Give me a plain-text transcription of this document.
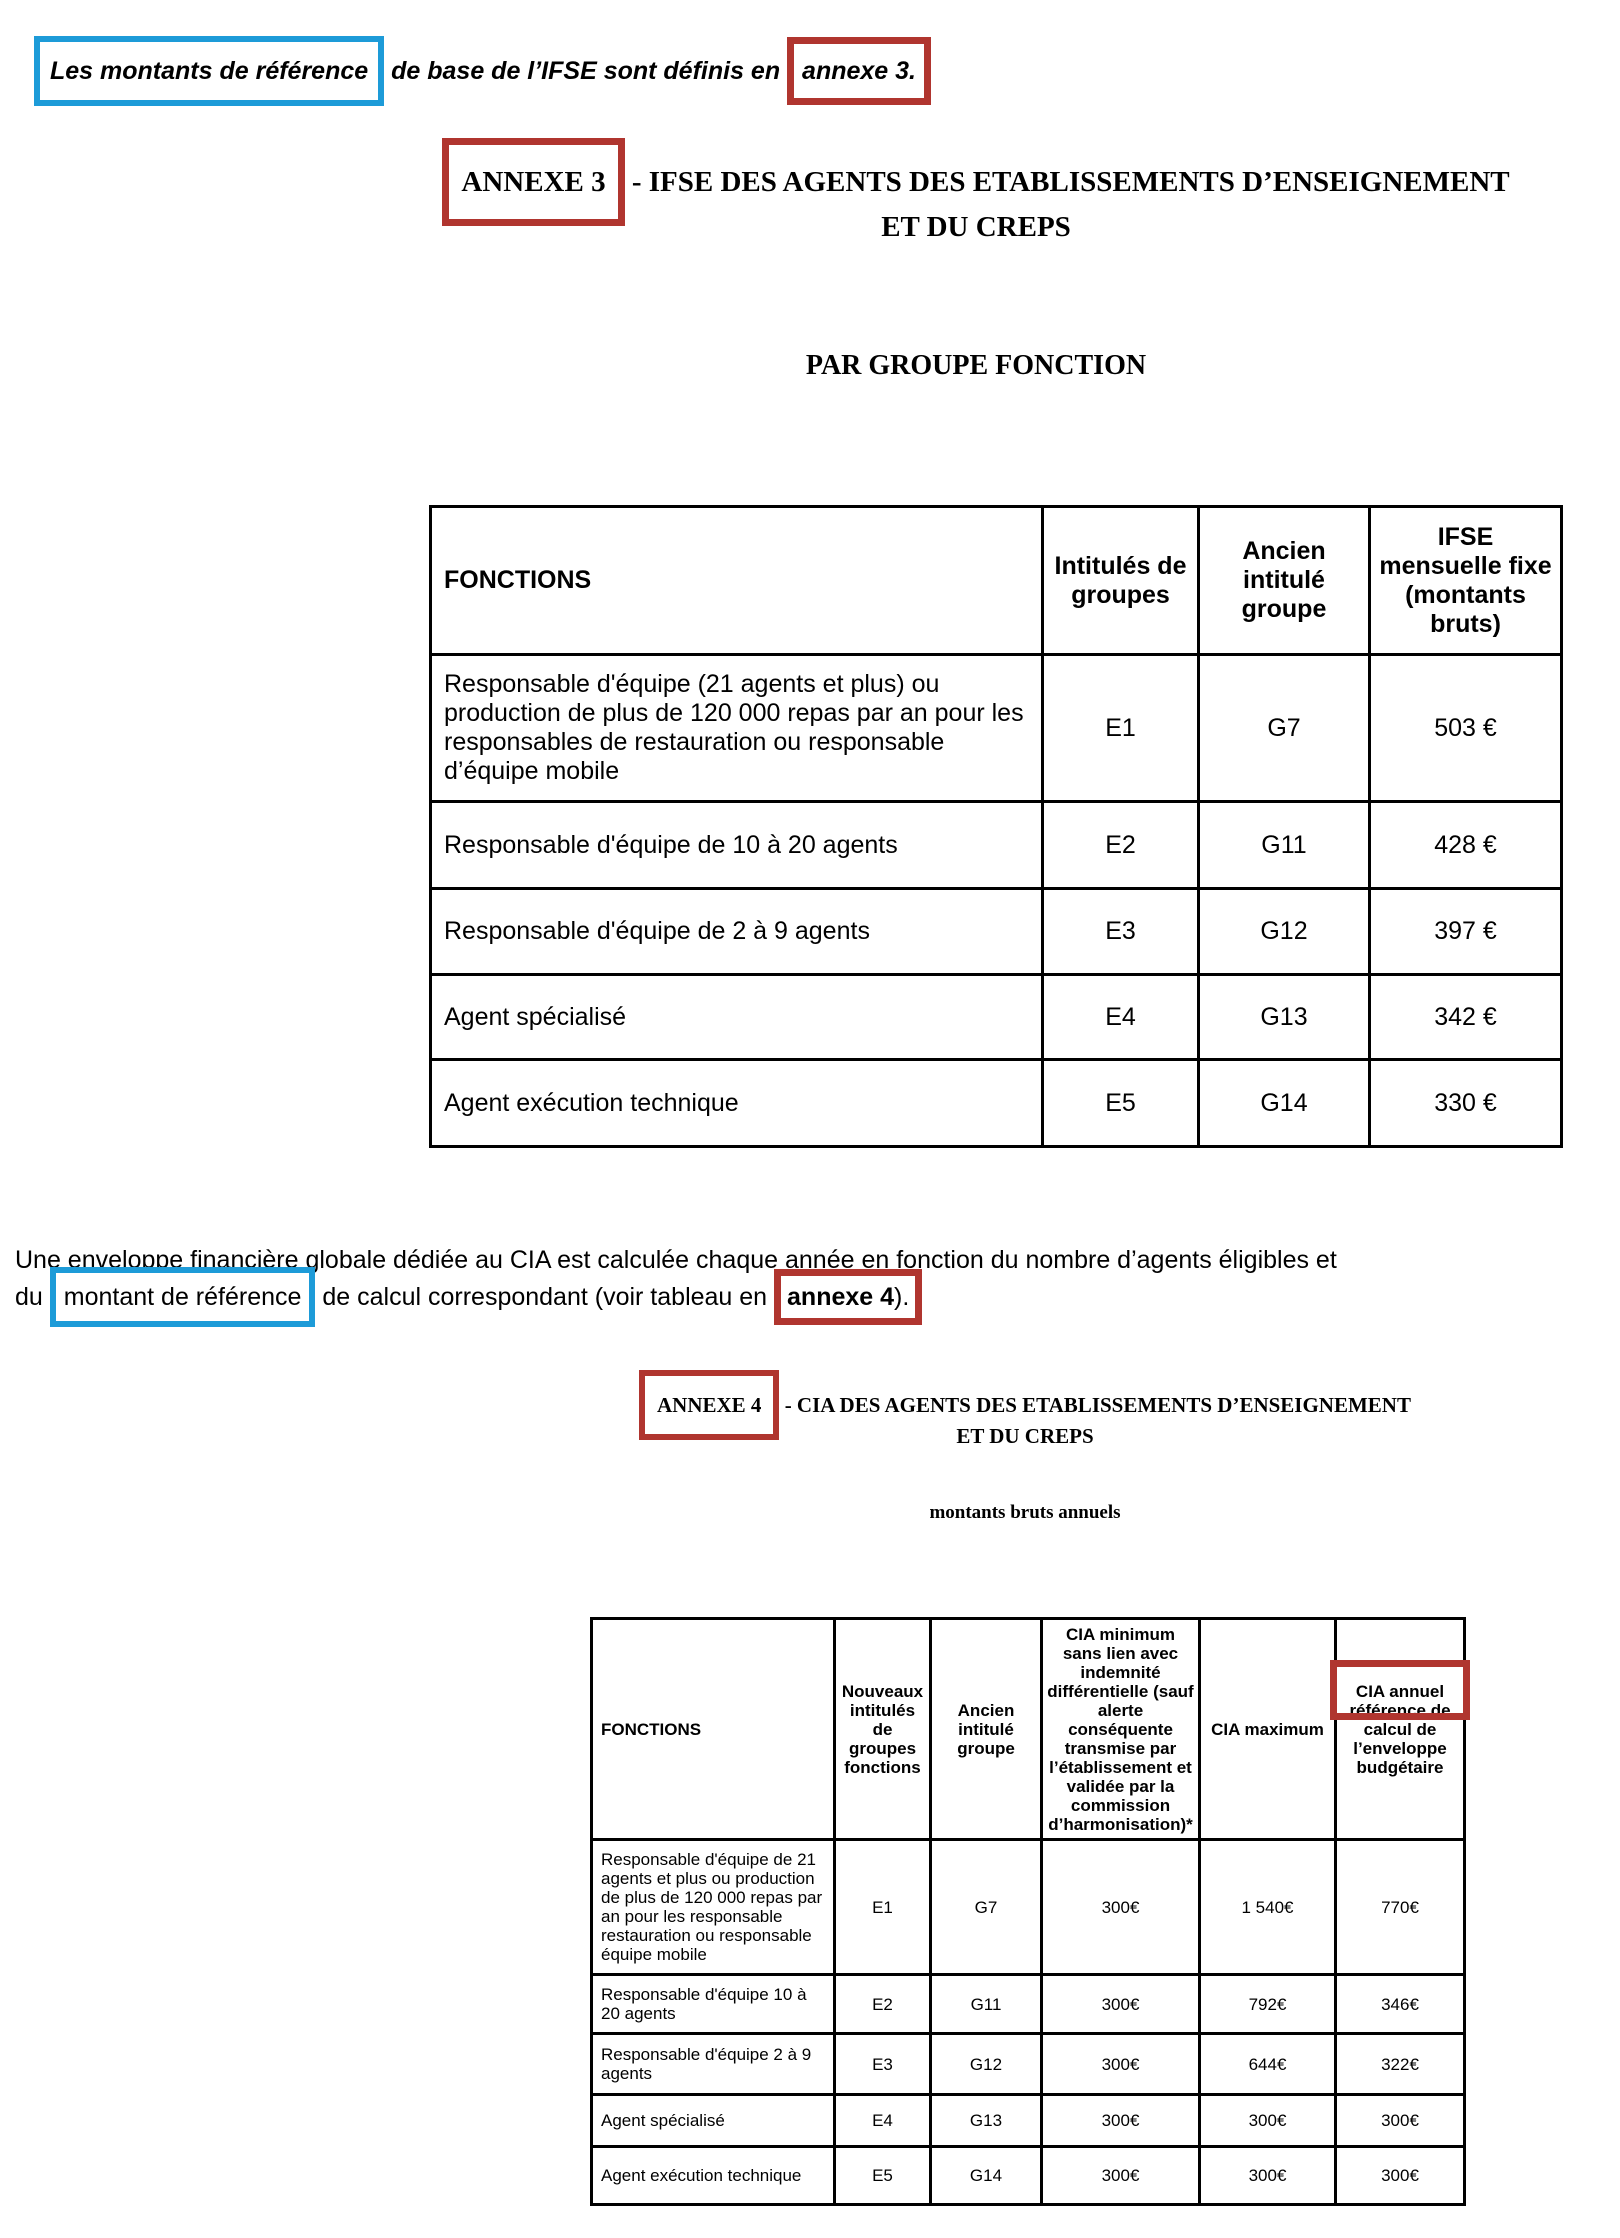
Les montants de référence de base de l’IFSE sont définis en annexe 3.
ANNEXE 3 - IFSE DES AGENTS DES ETABLISSEMENTS D’ENSEIGNEMENT
ET DU CREPS
PAR GROUPE FONCTION
FONCTIONS	Intitulés de groupes	Ancien intitulé groupe	IFSE mensuelle fixe (montants bruts)
Responsable d'équipe (21 agents et plus) ou production de plus de 120 000 repas par an pour les responsables de restauration ou responsable d’équipe mobile	E1	G7	503 €
Responsable d'équipe de 10 à 20 agents	E2	G11	428 €
Responsable d'équipe de 2 à 9 agents	E3	G12	397 €
Agent spécialisé	E4	G13	342 €
Agent exécution technique	E5	G14	330 €
Une enveloppe financière globale dédiée au CIA est calculée chaque année en fonction du nombre d’agents éligibles et
du montant de référence de calcul correspondant (voir tableau en annexe 4).
ANNEXE 4 - CIA DES AGENTS DES ETABLISSEMENTS D’ENSEIGNEMENT
ET DU CREPS
montants bruts annuels
FONCTIONS	Nouveaux intitulés de groupes fonctions	Ancien intitulé groupe	CIA minimum sans lien avec indemnité différentielle (sauf alerte conséquente transmise par l’établissement et validée par la commission d’harmonisation)*	CIA maximum	CIA annuel référence de calcul de l’enveloppe budgétaire
Responsable d'équipe de 21 agents et plus ou production de plus de 120 000 repas par an pour les responsable restauration ou responsable équipe mobile	E1	G7	300€	1 540€	770€
Responsable d'équipe 10 à 20 agents	E2	G11	300€	792€	346€
Responsable d'équipe 2 à 9 agents	E3	G12	300€	644€	322€
Agent spécialisé	E4	G13	300€	300€	300€
Agent exécution technique	E5	G14	300€	300€	300€
